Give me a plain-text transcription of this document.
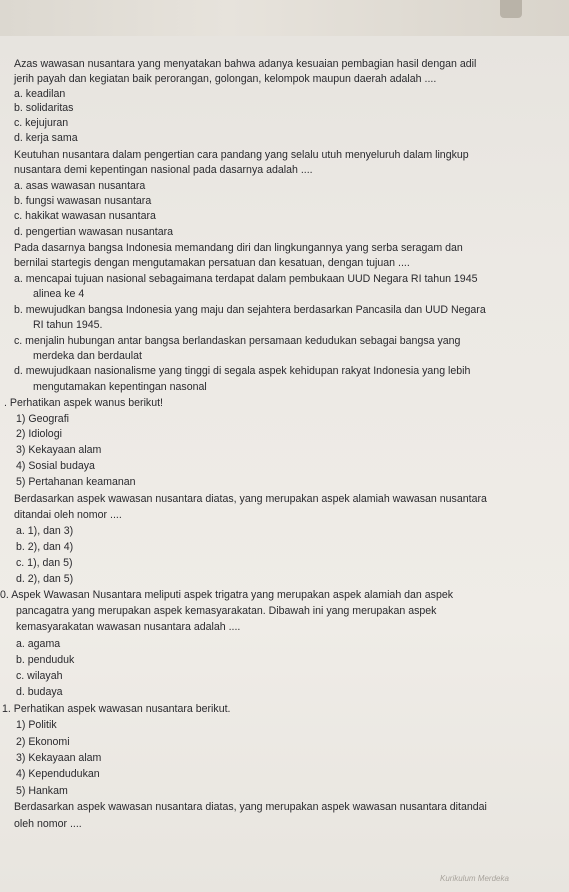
Azas wawasan nusantara yang menyatakan bahwa adanya kesuaian pembagian hasil dengan adil
jerih payah dan kegiatan baik perorangan, golongan, kelompok maupun daerah adalah ....
a. keadilan
b. solidaritas
c. kejujuran
d. kerja sama
Keutuhan nusantara dalam pengertian cara pandang yang selalu utuh menyeluruh dalam lingkup
nusantara demi kepentingan nasional pada dasarnya adalah ....
a. asas wawasan nusantara
b. fungsi wawasan nusantara
c. hakikat wawasan nusantara
d. pengertian wawasan nusantara
Pada dasarnya bangsa Indonesia memandang diri dan lingkungannya yang serba seragam dan
bernilai startegis dengan mengutamakan persatuan dan kesatuan, dengan tujuan ....
a. mencapai tujuan nasional sebagaimana terdapat dalam pembukaan UUD Negara RI tahun 1945
alinea ke 4
b. mewujudkan bangsa Indonesia yang maju dan sejahtera berdasarkan Pancasila dan UUD Negara
RI tahun 1945.
c. menjalin hubungan antar bangsa berlandaskan persamaan kedudukan sebagai bangsa yang
merdeka dan berdaulat
d. mewujudkaan nasionalisme yang tinggi di segala aspek kehidupan rakyat Indonesia yang lebih
mengutamakan kepentingan nasonal
. Perhatikan aspek wanus berikut!
1) Geografi
2) Idiologi
3) Kekayaan alam
4) Sosial budaya
5) Pertahanan keamanan
Berdasarkan aspek wawasan nusantara diatas, yang merupakan aspek alamiah wawasan nusantara
ditandai oleh nomor ....
a. 1), dan 3)
b. 2), dan 4)
c. 1), dan 5)
d. 2), dan 5)
0. Aspek Wawasan Nusantara meliputi aspek trigatra yang merupakan aspek alamiah dan aspek
pancagatra yang merupakan aspek kemasyarakatan. Dibawah ini yang merupakan aspek
kemasyarakatan wawasan nusantara adalah ....
a. agama
b. penduduk
c. wilayah
d. budaya
1. Perhatikan aspek wawasan nusantara berikut.
1) Politik
2) Ekonomi
3) Kekayaan alam
4) Kependudukan
5) Hankam
Berdasarkan aspek wawasan nusantara diatas, yang merupakan aspek wawasan nusantara ditandai
oleh nomor ....
Kurikulum Merdeka
